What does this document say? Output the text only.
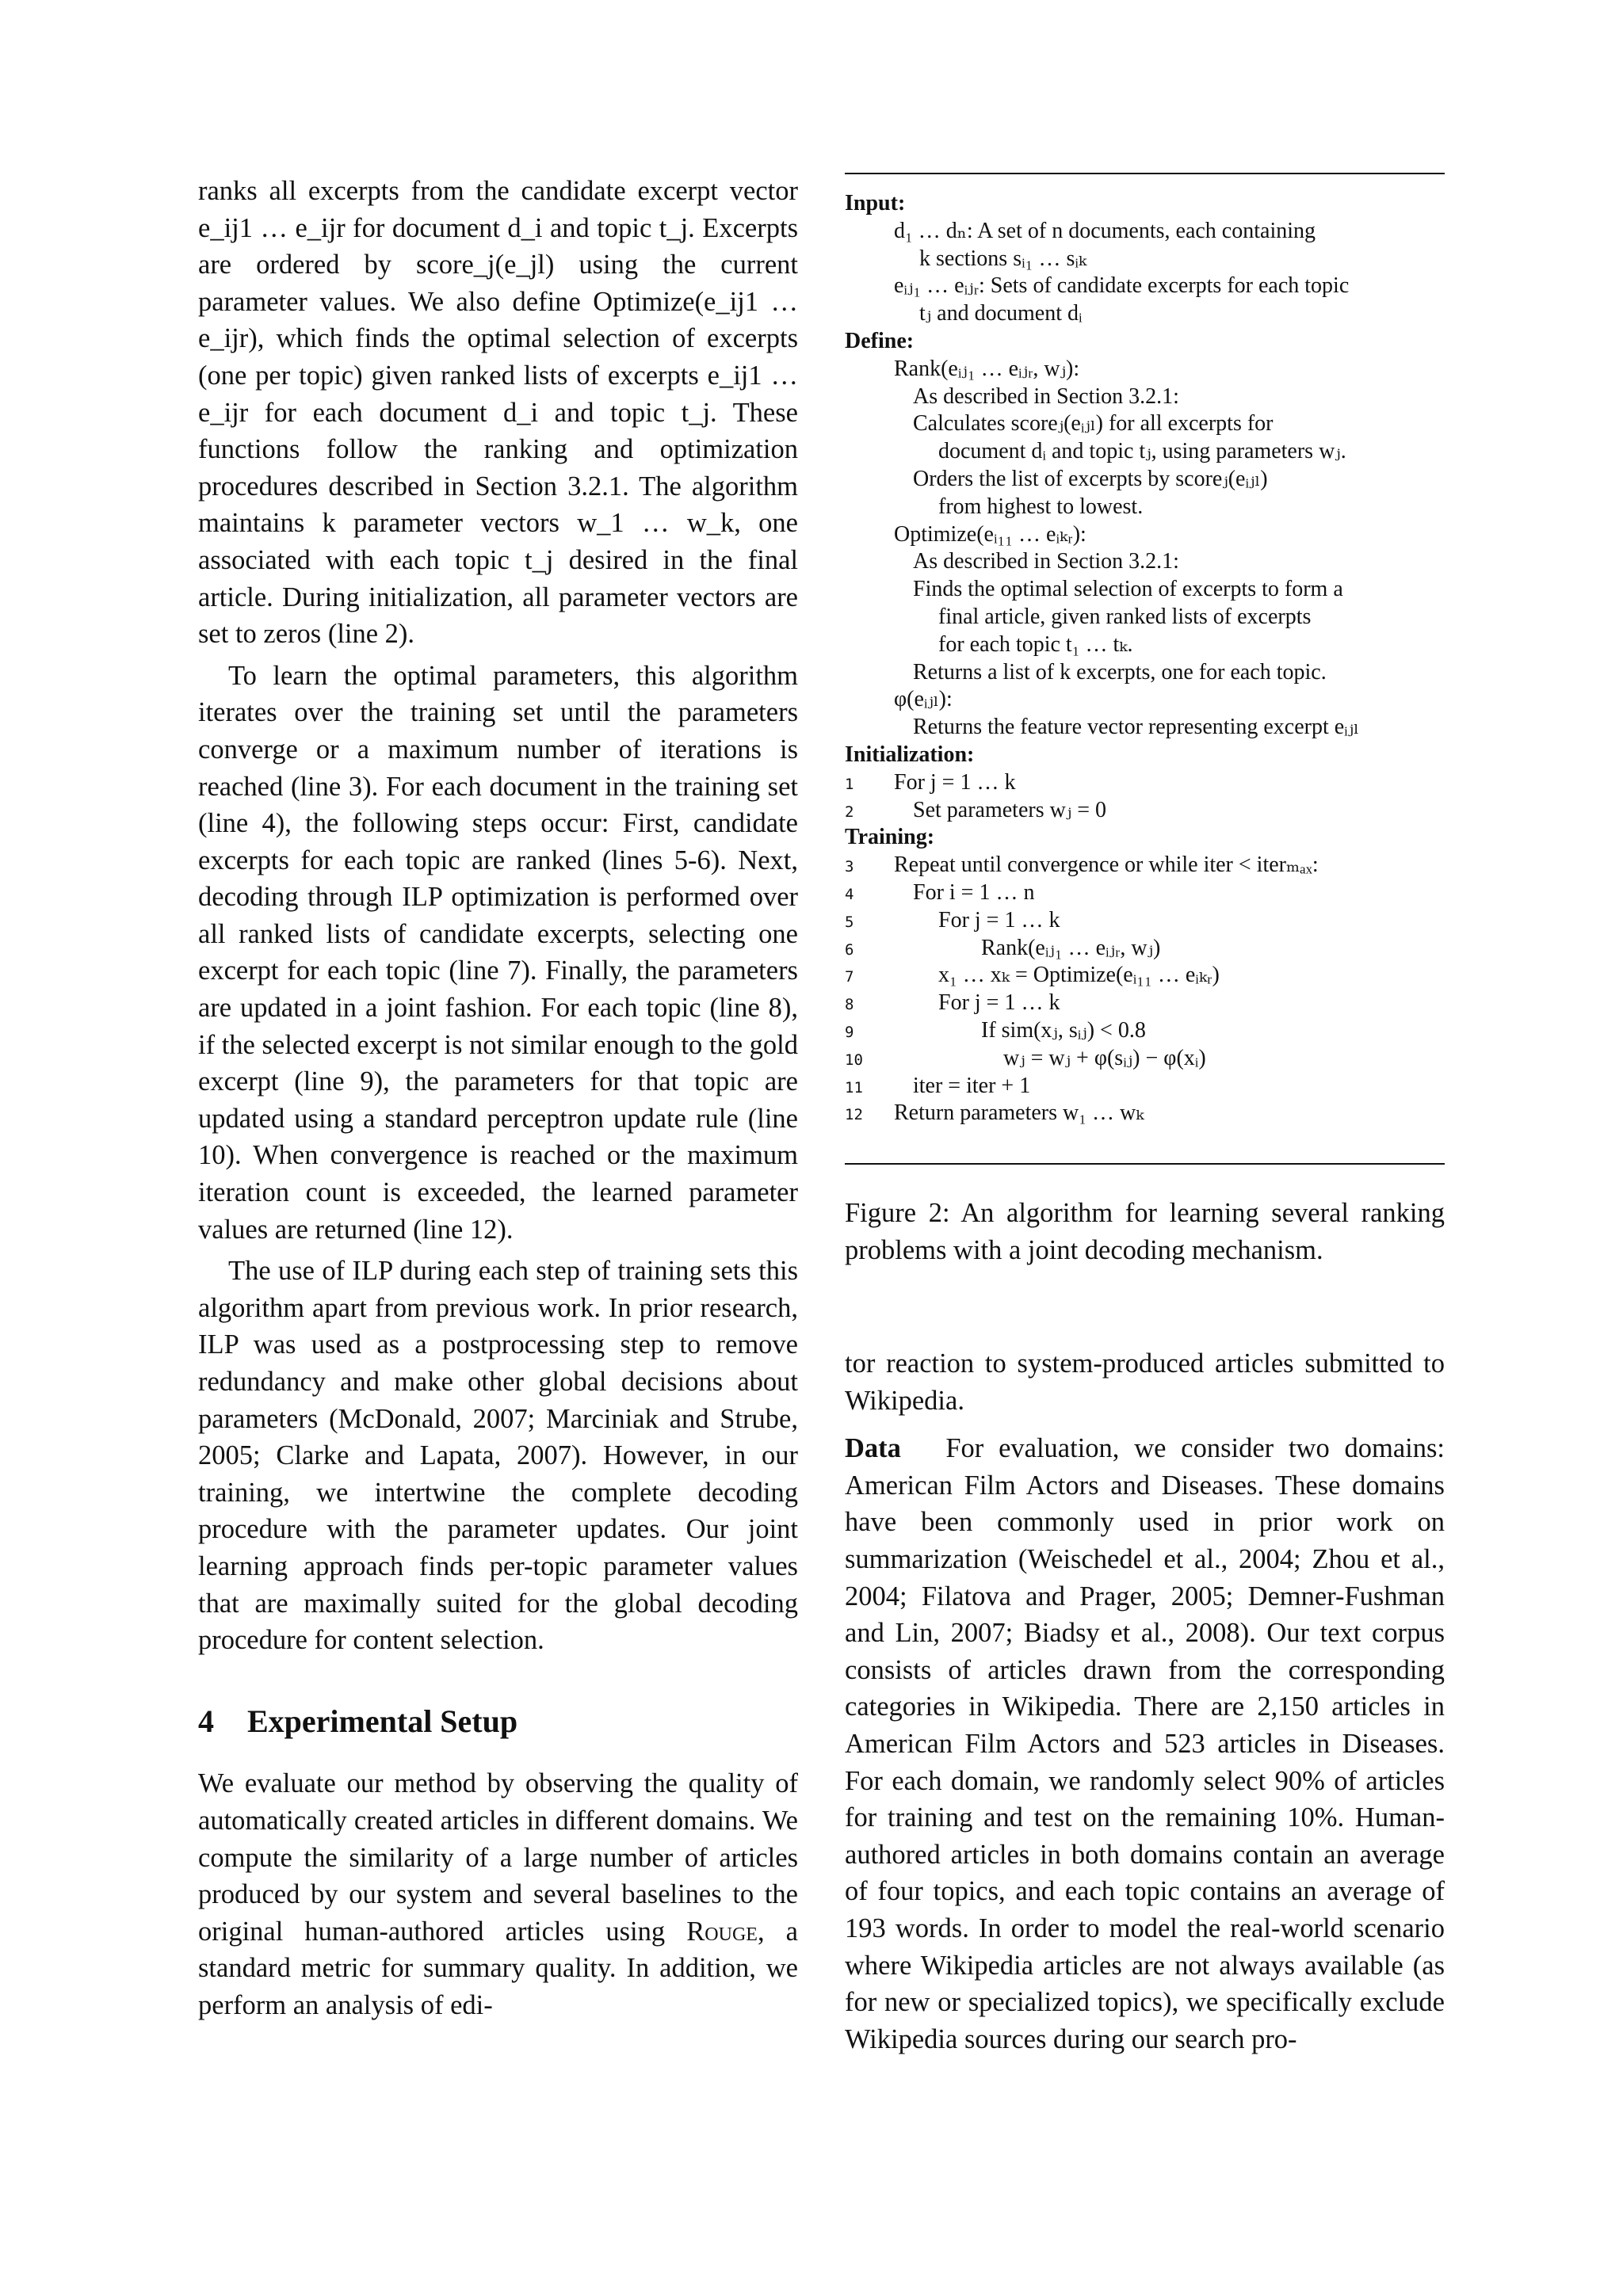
ranks all excerpts from the candidate excerpt vector e_ij1 … e_ijr for document d_i and topic t_j. Excerpts are ordered by score_j(e_jl) using the current parameter values. We also define Optimize(e_ij1 … e_ijr), which finds the optimal selection of excerpts (one per topic) given ranked lists of excerpts e_ij1 … e_ijr for each document d_i and topic t_j. These functions follow the ranking and optimization procedures described in Section 3.2.1. The algorithm maintains k parameter vectors w_1 … w_k, one associated with each topic t_j desired in the final article. During initialization, all parameter vectors are set to zeros (line 2).

To learn the optimal parameters, this algorithm iterates over the training set until the parameters converge or a maximum number of iterations is reached (line 3). For each document in the training set (line 4), the following steps occur: First, candidate excerpts for each topic are ranked (lines 5-6). Next, decoding through ILP optimization is performed over all ranked lists of candidate excerpts, selecting one excerpt for each topic (line 7). Finally, the parameters are updated in a joint fashion. For each topic (line 8), if the selected excerpt is not similar enough to the gold excerpt (line 9), the parameters for that topic are updated using a standard perceptron update rule (line 10). When convergence is reached or the maximum iteration count is exceeded, the learned parameter values are returned (line 12).

The use of ILP during each step of training sets this algorithm apart from previous work. In prior research, ILP was used as a postprocessing step to remove redundancy and make other global decisions about parameters (McDonald, 2007; Marciniak and Strube, 2005; Clarke and Lapata, 2007). However, in our training, we intertwine the complete decoding procedure with the parameter updates. Our joint learning approach finds per-topic parameter values that are maximally suited for the global decoding procedure for content selection.

4 Experimental Setup

We evaluate our method by observing the quality of automatically created articles in different domains. We compute the similarity of a large number of articles produced by our system and several baselines to the original human-authored articles using Rouge, a standard metric for summary quality. In addition, we perform an analysis of edi-

Input:
d₁ … dₙ: A set of n documents, each containing
k sections sᵢ₁ … sᵢₖ
eᵢⱼ₁ … eᵢⱼᵣ: Sets of candidate excerpts for each topic
tⱼ and document dᵢ
Define:
Rank(eᵢⱼ₁ … eᵢⱼᵣ, wⱼ):
As described in Section 3.2.1:
Calculates scoreⱼ(eᵢⱼₗ) for all excerpts for
document dᵢ and topic tⱼ, using parameters wⱼ.
Orders the list of excerpts by scoreⱼ(eᵢⱼₗ)
from highest to lowest.
Optimize(eᵢ₁₁ … eᵢₖᵣ):
As described in Section 3.2.1:
Finds the optimal selection of excerpts to form a
final article, given ranked lists of excerpts
for each topic t₁ … tₖ.
Returns a list of k excerpts, one for each topic.
φ(eᵢⱼₗ):
Returns the feature vector representing excerpt eᵢⱼₗ
Initialization:
1 For j = 1 … k
2	Set parameters wⱼ = 0
Training:
3 Repeat until convergence or while iter < iterₘₐₓ:
4	For i = 1 … n
5	For j = 1 … k
6	Rank(eᵢⱼ₁ … eᵢⱼᵣ, wⱼ)
7	x₁ … xₖ = Optimize(eᵢ₁₁ … eᵢₖᵣ)
8	For j = 1 … k
9	If sim(xⱼ, sᵢⱼ) < 0.8
10	wⱼ = wⱼ + φ(sᵢⱼ) − φ(xᵢ)
11 iter = iter + 1
12 Return parameters w₁ … wₖ
Figure 2: An algorithm for learning several ranking problems with a joint decoding mechanism.

tor reaction to system-produced articles submitted to Wikipedia.

Data For evaluation, we consider two domains: American Film Actors and Diseases. These domains have been commonly used in prior work on summarization (Weischedel et al., 2004; Zhou et al., 2004; Filatova and Prager, 2005; Demner-Fushman and Lin, 2007; Biadsy et al., 2008). Our text corpus consists of articles drawn from the corresponding categories in Wikipedia. There are 2,150 articles in American Film Actors and 523 articles in Diseases. For each domain, we randomly select 90% of articles for training and test on the remaining 10%. Human-authored articles in both domains contain an average of four topics, and each topic contains an average of 193 words. In order to model the real-world scenario where Wikipedia articles are not always available (as for new or specialized topics), we specifically exclude Wikipedia sources during our search pro-
